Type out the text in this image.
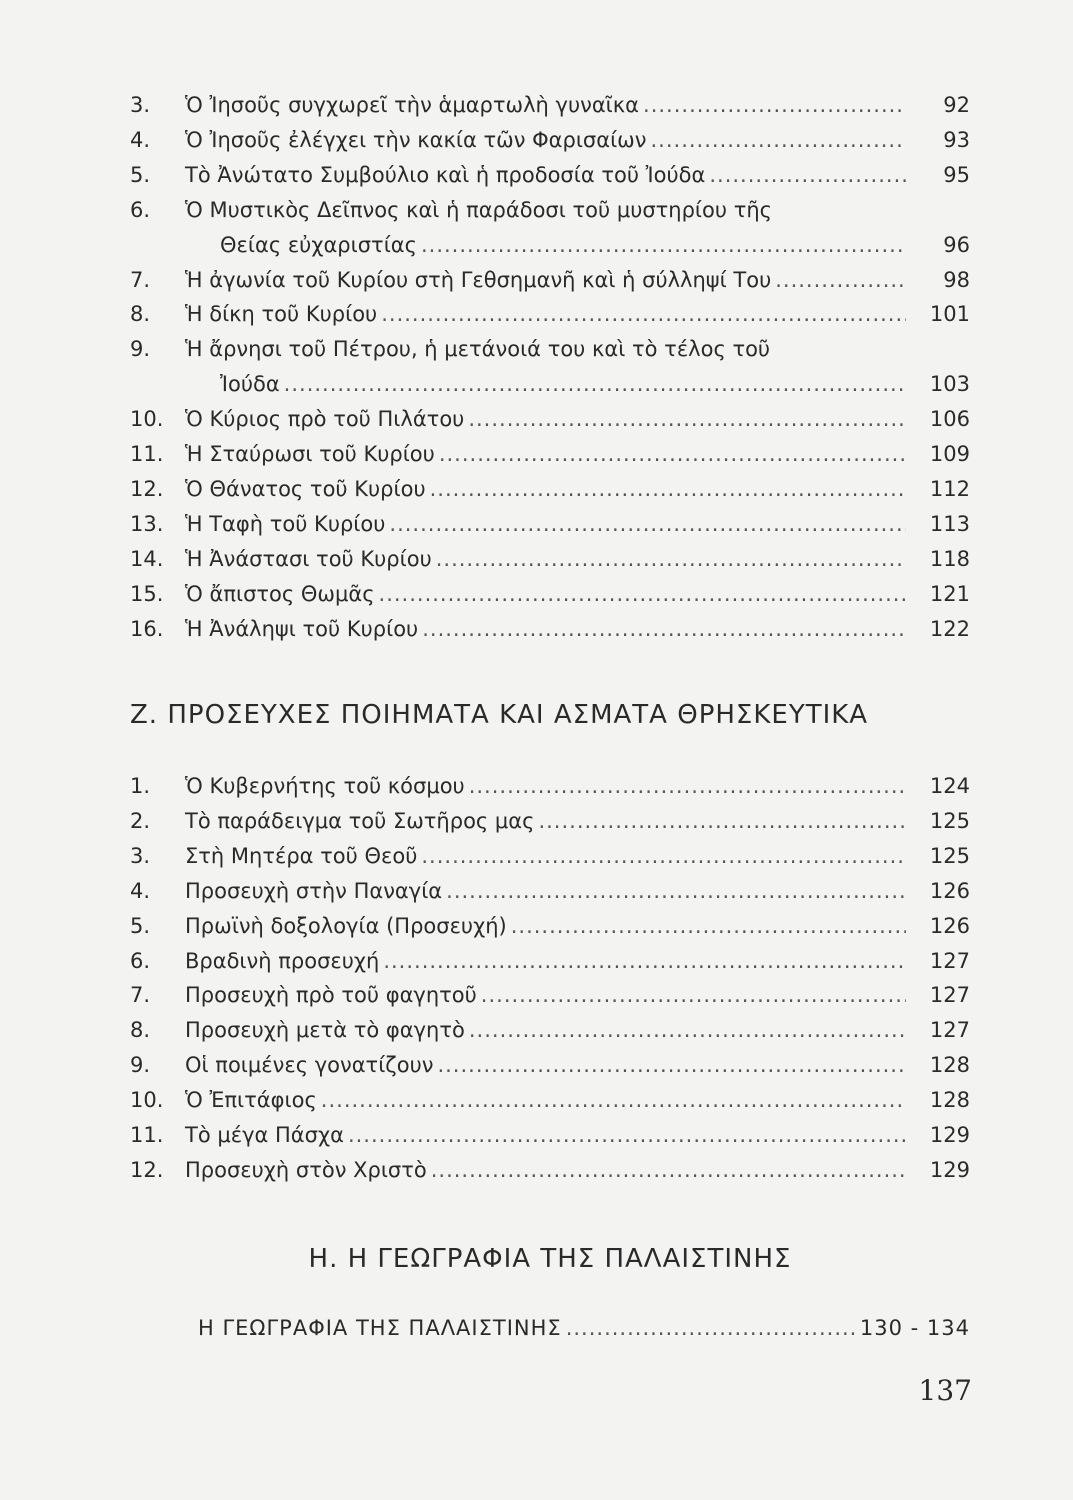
3.	Ὁ Ἰησοῦς συγχωρεῖ τὴν ἁμαρτωλὴ γυναῖκα .....	92
4.	Ὁ Ἰησοῦς ἐλέγχει τὴν κακία τῶν Φαρισαίων .....	93
5.	Τὸ Ἀνώτατο Συμβούλιο καὶ ἡ προδοσία τοῦ Ἰούδα .....	95
6.	Ὁ Μυστικὸς Δεῖπνος καὶ ἡ παράδοσι τοῦ μυστηρίου τῆς
Θείας εὐχαριστίας .....	96
7.	Ἡ ἀγωνία τοῦ Κυρίου στὴ Γεθσημανῆ καὶ ἡ σύλληψί Του .....	98
8.	Ἡ δίκη τοῦ Κυρίου .....	101
9.	Ἡ ἄρνησι τοῦ Πέτρου, ἡ μετάνοιά του καὶ τὸ τέλος τοῦ
Ἰούδα .....	103
10.	Ὁ Κύριος πρὸ τοῦ Πιλάτου .....	106
11.	Ἡ Σταύρωσι τοῦ Κυρίου .....	109
12.	Ὁ Θάνατος τοῦ Κυρίου .....	112
13.	Ἡ Ταφὴ τοῦ Κυρίου .....	113
14.	Ἡ Ἀνάστασι τοῦ Κυρίου .....	118
15.	Ὁ ἄπιστος Θωμᾶς .....	121
16.	Ἡ Ἀνάληψι τοῦ Κυρίου .....	122
1.	Ὁ Κυβερνήτης τοῦ κόσμου .....	124
2.	Τὸ παράδειγμα τοῦ Σωτῆρος μας .....	125
3.	Στὴ Μητέρα τοῦ Θεοῦ .....	125
4.	Προσευχὴ στὴν Παναγία .....	126
5.	Πρωϊνὴ δοξολογία (Προσευχή) .....	126
6.	Βραδινὴ προσευχή .....	127
7.	Προσευχὴ πρὸ τοῦ φαγητοῦ .....	127
8.	Προσευχὴ μετὰ τὸ φαγητὸ .....	127
9.	Οἱ ποιμένες γονατίζουν .....	128
10.	Ὁ Ἐπιτάφιος .....	128
11.	Τὸ μέγα Πάσχα .....	129
12.	Προσευχὴ στὸν Χριστὸ .....	129
Ζ. ΠΡΟΣΕΥΧΕΣ ΠΟΙΗΜΑΤΑ ΚΑΙ ΑΣΜΑΤΑ ΘΡΗΣΚΕΥΤΙΚΑ
Η. Η ΓΕΩΓΡΑΦΙΑ ΤΗΣ ΠΑΛΑΙΣΤΙΝΗΣ
Η ΓΕΩΓΡΑΦΙΑ ΤΗΣ ΠΑΛΑΙΣΤΙΝΗΣ .....	130 - 134
137
